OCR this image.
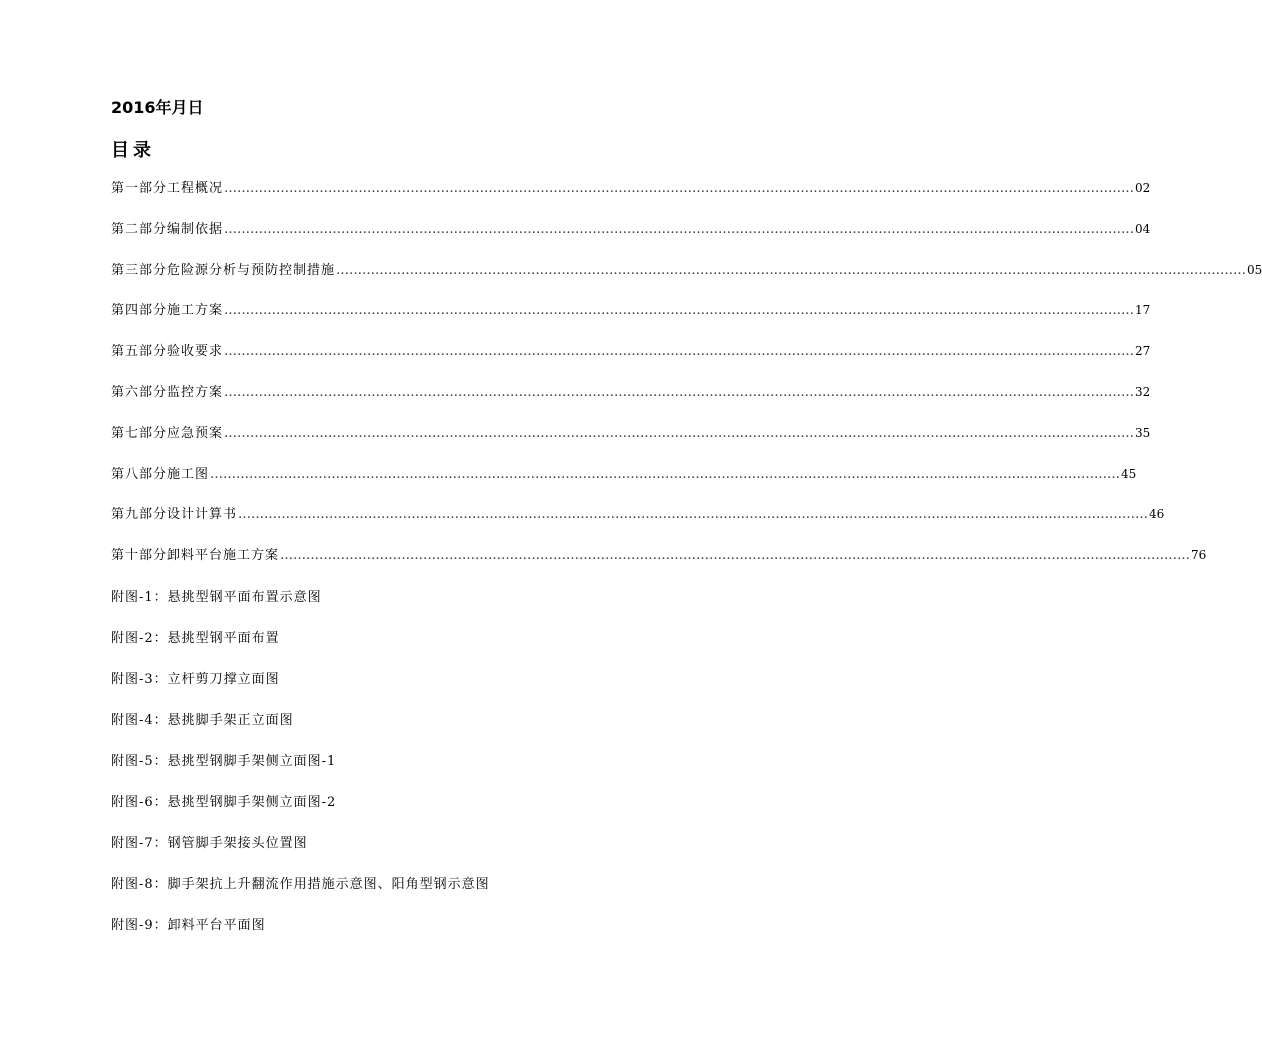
2016年月日
目录
第一部分工程概况 ………………………………………………………………………………………………………………………………………………………………………………………… 02
第二部分编制依据 ………………………………………………………………………………………………………………………………………………………………………………………… 04
第三部分危险源分析与预防控制措施 ………………………………………………………………………………………………………………………………………………………………………………………… 05
第四部分施工方案 ………………………………………………………………………………………………………………………………………………………………………………………… 17
第五部分验收要求 ………………………………………………………………………………………………………………………………………………………………………………………… 27
第六部分监控方案 ………………………………………………………………………………………………………………………………………………………………………………………… 32
第七部分应急预案 ………………………………………………………………………………………………………………………………………………………………………………………… 35
第八部分施工图 ………………………………………………………………………………………………………………………………………………………………………………………… 45
第九部分设计计算书 ………………………………………………………………………………………………………………………………………………………………………………………… 46
第十部分卸料平台施工方案 ………………………………………………………………………………………………………………………………………………………………………………………… 76
附图-1：悬挑型钢平面布置示意图
附图-2：悬挑型钢平面布置
附图-3：立杆剪刀撑立面图
附图-4：悬挑脚手架正立面图
附图-5：悬挑型钢脚手架侧立面图-1
附图-6：悬挑型钢脚手架侧立面图-2
附图-7：钢管脚手架接头位置图
附图-8：脚手架抗上升翻流作用措施示意图、阳角型钢示意图
附图-9：卸料平台平面图
